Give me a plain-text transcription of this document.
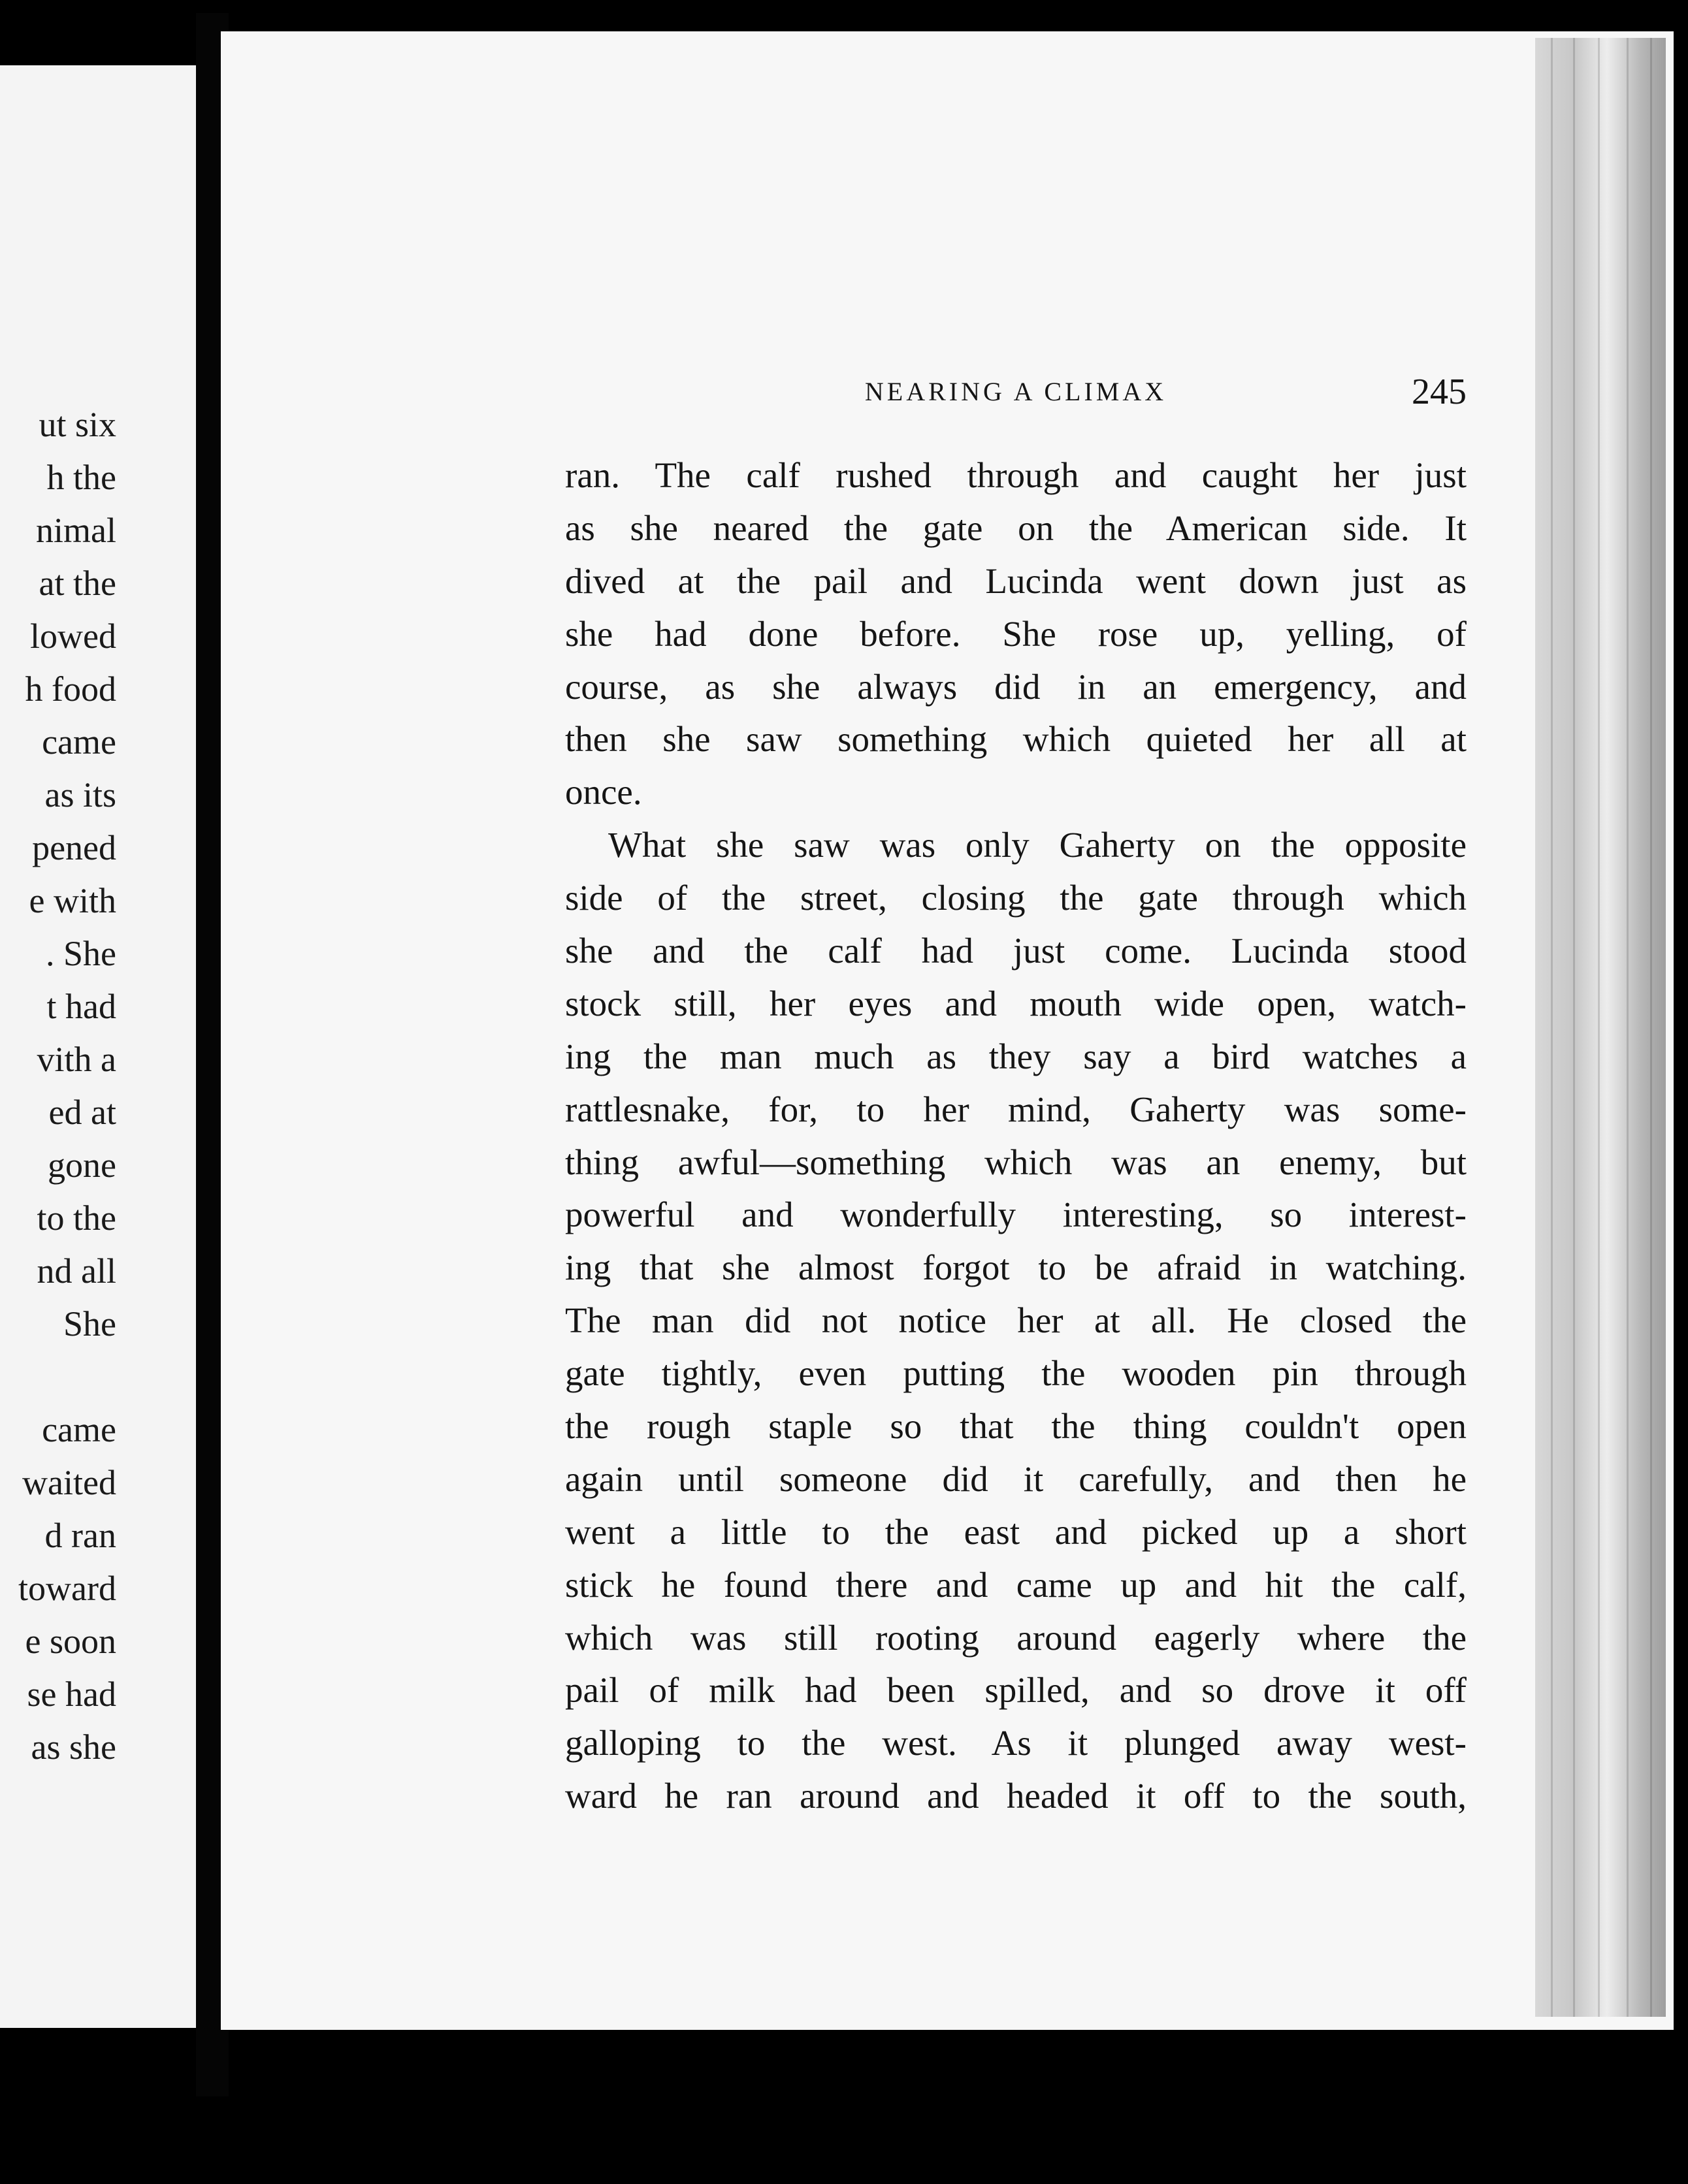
ut six
h the
nimal
at the
lowed
h food
came
as its
pened
e with
. She
t had
vith a
ed at
gone
to the
nd all
She
came
waited
d ran
toward
e soon
se had
as she
NEARING A CLIMAX	245
ran. The calf rushed through and caught her just
as she neared the gate on the American side. It
dived at the pail and Lucinda went down just as
she had done before. She rose up, yelling, of
course, as she always did in an emergency, and
then she saw something which quieted her all at
once.
What she saw was only Gaherty on the opposite
side of the street, closing the gate through which
she and the calf had just come. Lucinda stood
stock still, her eyes and mouth wide open, watch-
ing the man much as they say a bird watches a
rattlesnake, for, to her mind, Gaherty was some-
thing awful—something which was an enemy, but
powerful and wonderfully interesting, so interest-
ing that she almost forgot to be afraid in watching.
The man did not notice her at all. He closed the
gate tightly, even putting the wooden pin through
the rough staple so that the thing couldn't open
again until someone did it carefully, and then he
went a little to the east and picked up a short
stick he found there and came up and hit the calf,
which was still rooting around eagerly where the
pail of milk had been spilled, and so drove it off
galloping to the west. As it plunged away west-
ward he ran around and headed it off to the south,
